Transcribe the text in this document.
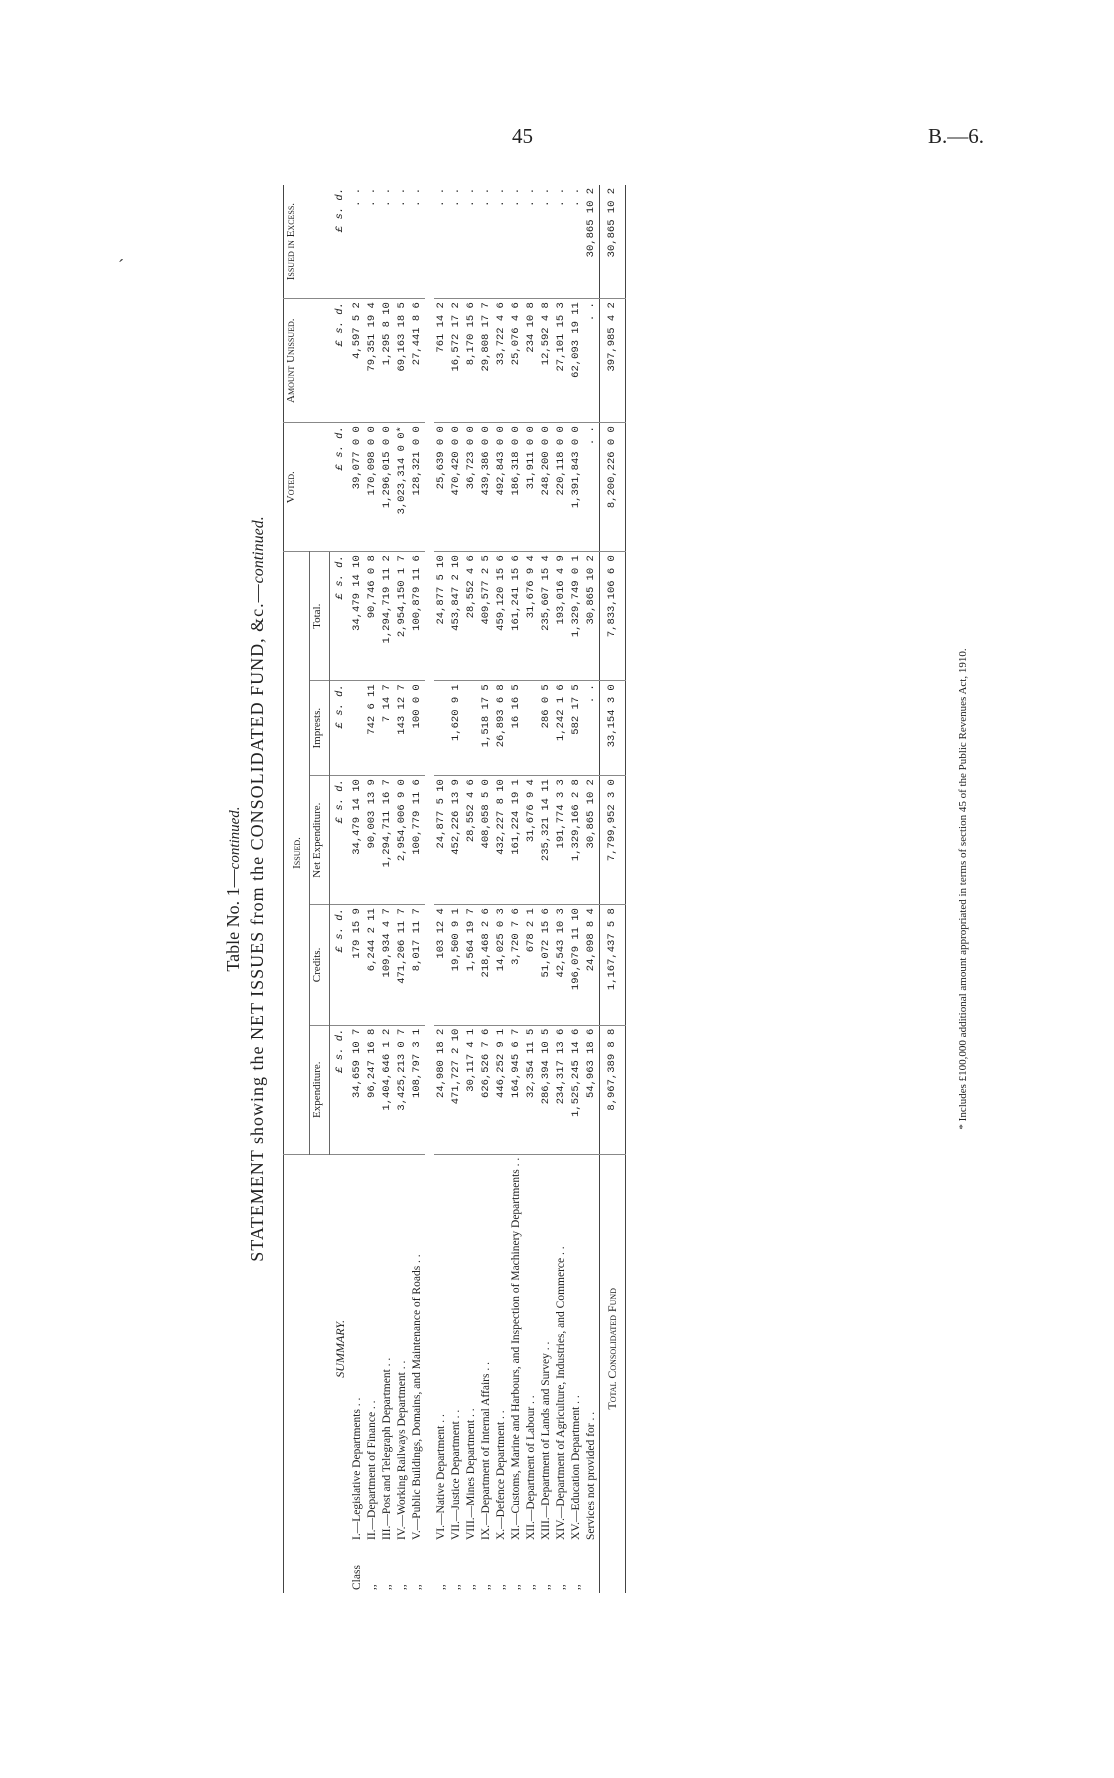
45	B.—6.
´
Table No. 1—continued. STATEMENT showing the NET ISSUES from the CONSOLIDATED FUND, &c.—continued.
		Issued.					Voted.	Amount Unissued.	Issued in Excess.
		Expenditure.	Credits.	Net Expenditure.	Imprests.	Total.			
	SUMMARY.	£ s. d.	£ s. d.	£ s. d.	£ s. d.	£ s. d.	£ s. d.	£ s. d.	£ s. d.
Class	I.—Legislative Departments . .	34,659 10 7	179 15 9	34,479 14 10		34,479 14 10	39,077 0 0	4,597 5 2	. .
,,	II.—Department of Finance . .	96,247 16 8	6,244 2 11	90,003 13 9	742 6 11	90,746 0 8	170,098 0 0	79,351 19 4	. .
,,	III.—Post and Telegraph Department . .	1,404,646 1 2	109,934 4 7	1,294,711 16 7	7 14 7	1,294,719 11 2	1,296,015 0 0	1,295 8 10	. .
,,	IV.—Working Railways Department . .	3,425,213 0 7	471,206 11 7	2,954,006 9 0	143 12 7	2,954,150 1 7	3,023,314 0 0*	69,163 18 5	. .
,,	V.—Public Buildings, Domains, and Maintenance of Roads . .	108,797 3 1	8,017 11 7	100,779 11 6	100 0 0	100,879 11 6	128,321 0 0	27,441 8 6	. .

,,	VI.—Native Department . .	24,980 18 2	103 12 4	24,877 5 10		24,877 5 10	25,639 0 0	761 14 2	. .
,,	VII.—Justice Department . .	471,727 2 10	19,500 9 1	452,226 13 9	1,620 9 1	453,847 2 10	470,420 0 0	16,572 17 2	. .
,,	VIII.—Mines Department . .	30,117 4 1	1,564 19 7	28,552 4 6		28,552 4 6	36,723 0 0	8,170 15 6	. .
,,	IX.—Department of Internal Affairs . .	626,526 7 6	218,468 2 6	408,058 5 0	1,518 17 5	409,577 2 5	439,386 0 0	29,808 17 7	. .
,,	X.—Defence Department . .	446,252 9 1	14,025 0 3	432,227 8 10	26,893 6 8	459,120 15 6	492,843 0 0	33,722 4 6	. .
,,	XI.—Customs, Marine and Harbours, and Inspection of Machinery Departments . .	164,945 6 7	3,720 7 6	161,224 19 1	16 16 5	161,241 15 6	186,318 0 0	25,076 4 6	. .
,,	XII.—Department of Labour . .	32,354 11 5	678 2 1	31,676 9 4		31,676 9 4	31,911 0 0	234 10 8	. .
,,	XIII.—Department of Lands and Survey . .	286,394 10 5	51,072 15 6	235,321 14 11	286 0 5	235,607 15 4	248,200 0 0	12,592 4 8	. .
,,	XIV.—Department of Agriculture, Industries, and Commerce . .	234,317 13 6	42,543 10 3	191,774 3 3	1,242 1 6	193,016 4 9	220,118 0 0	27,101 15 3	. .
,,	XV.—Education Department . .	1,525,245 14 6	196,079 11 10	1,329,166 2 8	582 17 5	1,329,749 0 1	1,391,843 0 0	62,093 19 11	. .
	Services not provided for . .	54,963 18 6	24,098 8 4	30,865 10 2	. .	30,865 10 2	. .	. .	30,865 10 2
	Total Consolidated Fund	8,967,389 8 8	1,167,437 5 8	7,799,952 3 0	33,154 3 0	7,833,106 6 0	8,200,226 0 0	397,985 4 2	30,865 10 2
* Includes £100,000 additional amount appropriated in terms of section 45 of the Public Revenues Act, 1910.
